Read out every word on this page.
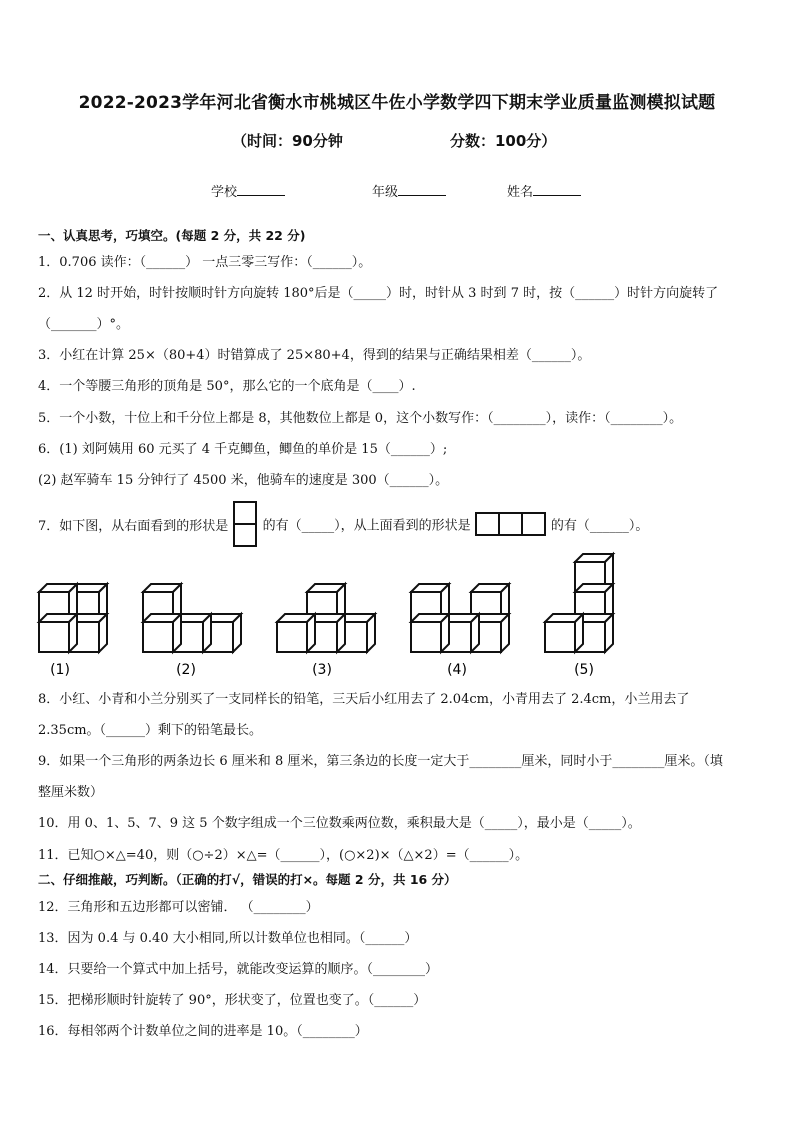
2022-2023学年河北省衡水市桃城区牛佐小学数学四下期末学业质量监测模拟试题
（时间：90分钟	分数：100分）
学校	年级	姓名
一、认真思考，巧填空。(每题 2 分，共 22 分)
1．0.706 读作：（______） 一点三零三写作：（______）。
2．从 12 时开始，时针按顺时针方向旋转 180°后是（_____）时，时针从 3 时到 7 时，按（______）时针方向旋转了
（_______）°。
3．小红在计算 25×（80+4）时错算成了 25×80+4，得到的结果与正确结果相差（______）。
4．一个等腰三角形的顶角是 50°，那么它的一个底角是（____）.
5．一个小数，十位上和千分位上都是 8，其他数位上都是 0，这个小数写作：（________），读作：（________）。
6．(1) 刘阿姨用 60 元买了 4 千克鲫鱼，鲫鱼的单价是 15（______）;
(2) 赵军骑车 15 分钟行了 4500 米，他骑车的速度是 300（______）。
7．如下图，从右面看到的形状是	的有（_____），从上面看到的形状是	的有（______）。
(1)	(2)	(3)	(4)	(5)
8．小红、小青和小兰分别买了一支同样长的铅笔，三天后小红用去了 2.04cm，小青用去了 2.4cm，小兰用去了
2.35cm。（______）剩下的铅笔最长。
9．如果一个三角形的两条边长 6 厘米和 8 厘米，第三条边的长度一定大于________厘米，同时小于________厘米。（填
整厘米数）
10．用 0、1、5、7、9 这 5 个数字组成一个三位数乘两位数，乘积最大是（_____），最小是（_____）。
11．已知○×△=40，则（○÷2）×△=（______），(○×2)×（△×2）=（______）。
二、仔细推敲，巧判断。（正确的打√，错误的打×。每题 2 分，共 16 分）
12．三角形和五边形都可以密铺． （________）
13．因为 0.4 与 0.40 大小相同,所以计数单位也相同。（______）
14．只要给一个算式中加上括号，就能改变运算的顺序。（________）
15．把梯形顺时针旋转了 90°，形状变了，位置也变了。（______）
16．每相邻两个计数单位之间的进率是 10。（________）
